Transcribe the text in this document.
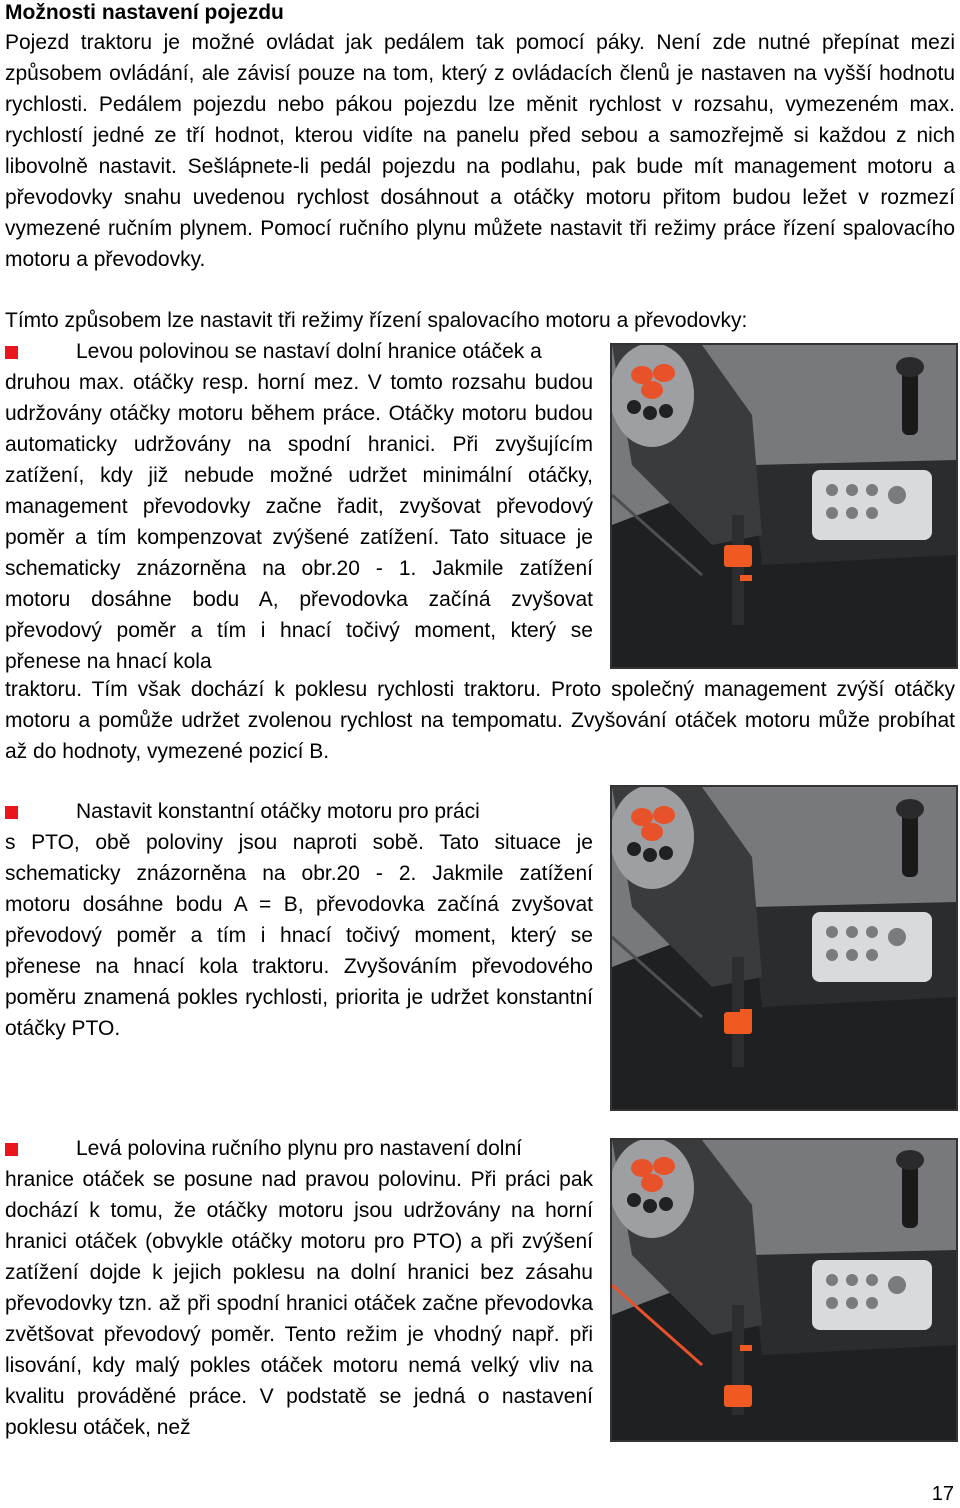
Možnosti nastavení pojezdu

Pojezd traktoru je možné ovládat jak pedálem tak pomocí páky. Není zde nutné přepínat mezi způsobem ovládání, ale závisí pouze na tom, který z ovládacích členů je nastaven na vyšší hodnotu rychlosti. Pedálem pojezdu nebo pákou pojezdu lze měnit rychlost v rozsahu, vymezeném max. rychlostí jedné ze tří hodnot, kterou vidíte na panelu před sebou a samozřejmě si každou z nich libovolně nastavit. Sešlápnete-li pedál pojezdu na podlahu, pak bude mít management motoru a převodovky snahu uvedenou rychlost dosáhnout a otáčky motoru přitom budou ležet v rozmezí vymezené ručním plynem. Pomocí ručního plynu můžete nastavit tři režimy práce řízení spalovacího motoru a převodovky.

Tímto způsobem lze nastavit tři režimy řízení spalovacího motoru a převodovky:

Levou polovinou se nastaví dolní hranice otáček a

druhou max. otáčky resp. horní mez. V tomto rozsahu budou udržovány otáčky motoru během práce. Otáčky motoru budou automaticky udržovány na spodní hranici. Při zvyšujícím zatížení, kdy již nebude možné udržet minimální otáčky, management převodovky začne řadit, zvyšovat převodový poměr a tím kompenzovat zvýšené zatížení. Tato situace je schematicky znázorněna na obr.20 - 1. Jakmile zatížení motoru dosáhne bodu A, převodovka začíná zvyšovat převodový poměr a tím i hnací točivý moment, který se přenese na hnací kola

traktoru. Tím však dochází k poklesu rychlosti traktoru. Proto společný management zvýší otáčky motoru a pomůže udržet zvolenou rychlost na tempomatu. Zvyšování otáček motoru může probíhat až do hodnoty, vymezené pozicí B.

Nastavit konstantní otáčky motoru pro práci

s PTO, obě poloviny jsou naproti sobě. Tato situace je schematicky znázorněna na obr.20 - 2. Jakmile zatížení motoru dosáhne bodu A = B, převodovka začíná zvyšovat převodový poměr a tím i hnací točivý moment, který se přenese na hnací kola traktoru. Zvyšováním převodového poměru znamená pokles rychlosti, priorita je udržet konstantní otáčky PTO.

Levá polovina ručního plynu pro nastavení dolní

hranice otáček se posune nad pravou polovinu. Při práci pak dochází k tomu, že otáčky motoru jsou udržovány na horní hranici otáček (obvykle otáčky motoru pro PTO) a při zvýšení zatížení dojde k jejich poklesu na dolní hranici bez zásahu převodovky tzn. až při spodní hranici otáček začne převodovka zvětšovat převodový poměr. Tento režim je vhodný např. při lisování, kdy malý pokles otáček motoru nemá velký vliv na kvalitu prováděné práce. V podstatě se jedná o nastavení poklesu otáček, než

17
